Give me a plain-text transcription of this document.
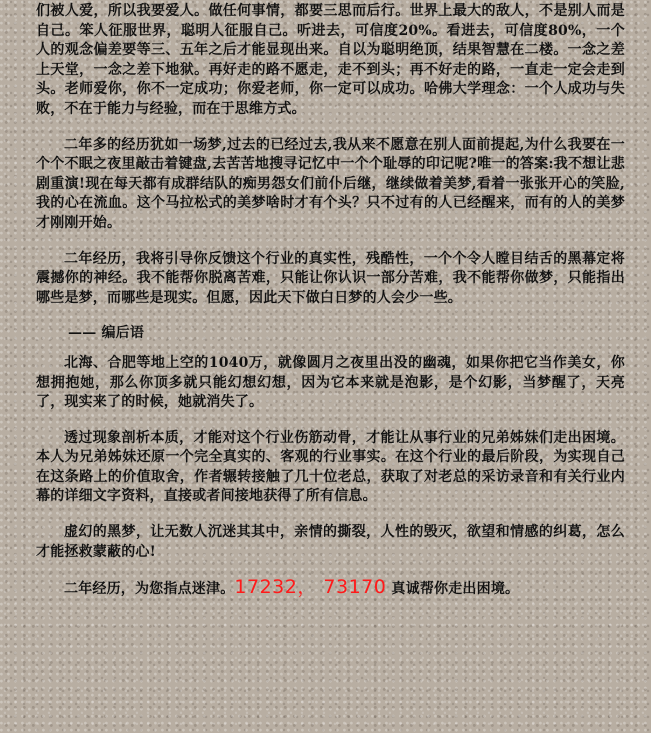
们被人爱，所以我要爱人。做任何事情，都要三思而后行。世界上最大的敌人，不是别人而是自己。笨人征服世界，聪明人征服自己。听进去，可信度20%。看进去，可信度80%，一个人的观念偏差要等三、五年之后才能显现出来。自以为聪明绝顶，结果智慧在二楼。一念之差上天堂，一念之差下地狱。再好走的路不愿走，走不到头；再不好走的路，一直走一定会走到头。老师爱你，你不一定成功；你爱老师，你一定可以成功。哈佛大学理念：一个人成功与失败，不在于能力与经验，而在于思维方式。

二年多的经历犹如一场梦,过去的已经过去,我从来不愿意在别人面前提起,为什么我要在一个个不眠之夜里敲击着键盘,去苦苦地搜寻记忆中一个个耻辱的印记呢?唯一的答案:我不想让悲剧重演!现在每天都有成群结队的痴男怨女们前仆后继，继续做着美梦,看着一张张开心的笑脸,我的心在流血。这个马拉松式的美梦啥时才有个头？只不过有的人已经醒来，而有的人的美梦才刚刚开始。

二年经历，我将引导你反馈这个行业的真实性，残酷性，一个个令人瞠目结舌的黑幕定将震撼你的神经。我不能帮你脱离苦难，只能让你认识一部分苦难，我不能帮你做梦，只能指出哪些是梦，而哪些是现实。但愿，因此天下做白日梦的人会少一些。

—— 编后语

北海、合肥等地上空的1040万，就像圆月之夜里出没的幽魂，如果你把它当作美女，你想拥抱她，那么你顶多就只能幻想幻想，因为它本来就是泡影，是个幻影，当梦醒了，天亮了，现实来了的时候，她就消失了。

透过现象剖析本质，才能对这个行业伤筋动骨，才能让从事行业的兄弟姊妹们走出困境。本人为兄弟姊妹还原一个完全真实的、客观的行业事实。在这个行业的最后阶段，为实现自己在这条路上的价值取舍，作者辗转接触了几十位老总，获取了对老总的采访录音和有关行业内幕的详细文字资料，直接或者间接地获得了所有信息。

虚幻的黑梦，让无数人沉迷其其中，亲情的撕裂，人性的毁灭，欲望和情感的纠葛，怎么才能拯救蒙蔽的心!

二年经历，为您指点迷津。17232， 73170 真诚帮你走出困境。
